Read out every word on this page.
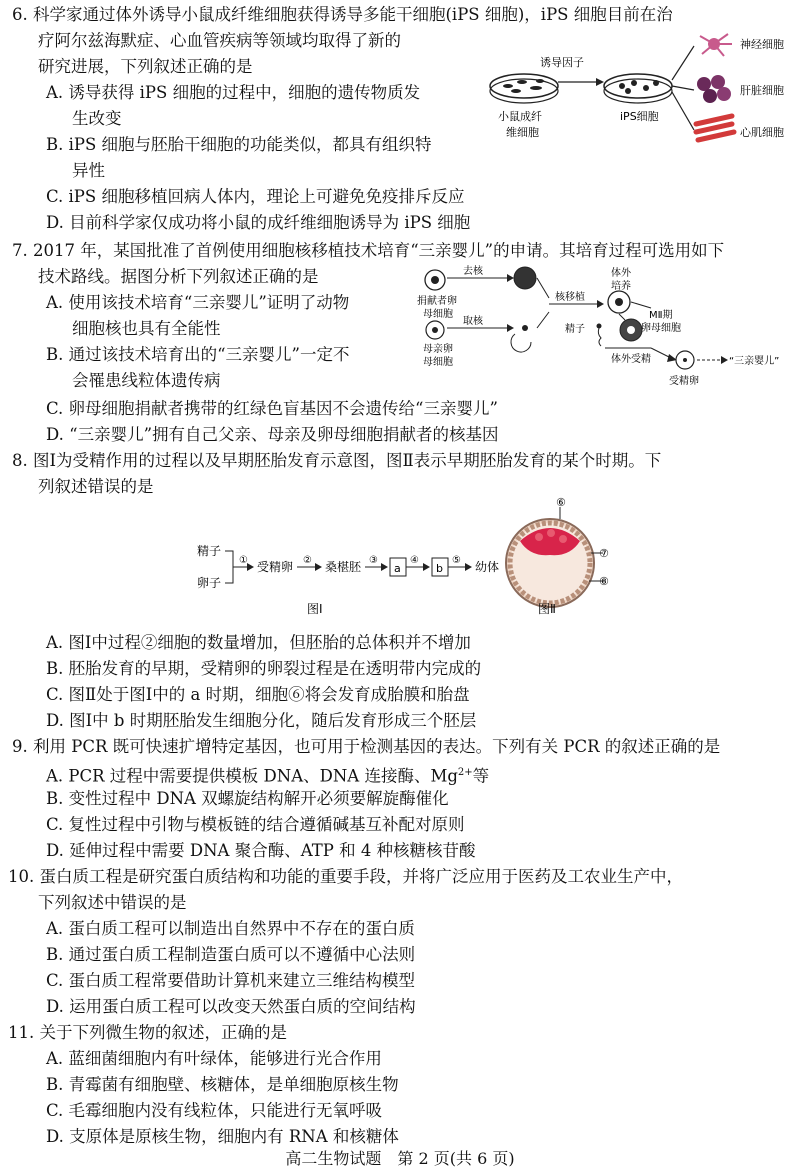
6. 科学家通过体外诱导小鼠成纤维细胞获得诱导多能干细胞(iPS 细胞)，iPS 细胞目前在治
疗阿尔兹海默症、心血管疾病等领域均取得了新的
研究进展，下列叙述正确的是
A. 诱导获得 iPS 细胞的过程中，细胞的遗传物质发
生改变
B. iPS 细胞与胚胎干细胞的功能类似，都具有组织特
异性
C. iPS 细胞移植回病人体内，理论上可避免免疫排斥反应
D. 目前科学家仅成功将小鼠的成纤维细胞诱导为 iPS 细胞
小鼠成纤
维细胞
诱导因子
iPS细胞
神经细胞
肝脏细胞
心肌细胞
7. 2017 年，某国批准了首例使用细胞核移植技术培育“三亲婴儿”的申请。其培育过程可选用如下
技术路线。据图分析下列叙述正确的是
A. 使用该技术培育“三亲婴儿”证明了动物
细胞核也具有全能性
B. 通过该技术培育出的“三亲婴儿”一定不
会罹患线粒体遗传病
C. 卵母细胞捐献者携带的红绿色盲基因不会遗传给“三亲婴儿”
D. “三亲婴儿”拥有自己父亲、母亲及卵母细胞捐献者的核基因
捐献者卵
母细胞
去核
母亲卵
母细胞
取核
核移植
体外
培养
MⅡ期
卵母细胞
精子
体外受精
受精卵
“三亲婴儿”
8. 图Ⅰ为受精作用的过程以及早期胚胎发育示意图，图Ⅱ表示早期胚胎发育的某个时期。下
列叙述错误的是
精子
卵子
① 受精卵 ② 桑椹胚 ③
a
④
b
⑤ 幼体
图Ⅰ
⑥
⑦
⑧
图Ⅱ
A. 图Ⅰ中过程②细胞的数量增加，但胚胎的总体积并不增加
B. 胚胎发育的早期，受精卵的卵裂过程是在透明带内完成的
C. 图Ⅱ处于图Ⅰ中的 a 时期，细胞⑥将会发育成胎膜和胎盘
D. 图Ⅰ中 b 时期胚胎发生细胞分化，随后发育形成三个胚层
9. 利用 PCR 既可快速扩增特定基因，也可用于检测基因的表达。下列有关 PCR 的叙述正确的是
A. PCR 过程中需要提供模板 DNA、DNA 连接酶、$Mg^{2+}$等
B. 变性过程中 DNA 双螺旋结构解开必须要解旋酶催化
C. 复性过程中引物与模板链的结合遵循碱基互补配对原则
D. 延伸过程中需要 DNA 聚合酶、ATP 和 4 种核糖核苷酸
10. 蛋白质工程是研究蛋白质结构和功能的重要手段，并将广泛应用于医药及工农业生产中，
下列叙述中错误的是
A. 蛋白质工程可以制造出自然界中不存在的蛋白质
B. 通过蛋白质工程制造蛋白质可以不遵循中心法则
C. 蛋白质工程常要借助计算机来建立三维结构模型
D. 运用蛋白质工程可以改变天然蛋白质的空间结构
11. 关于下列微生物的叙述，正确的是
A. 蓝细菌细胞内有叶绿体，能够进行光合作用
B. 青霉菌有细胞壁、核糖体，是单细胞原核生物
C. 毛霉细胞内没有线粒体，只能进行无氧呼吸
D. 支原体是原核生物，细胞内有 RNA 和核糖体
高二生物试题　第 2 页(共 6 页)
